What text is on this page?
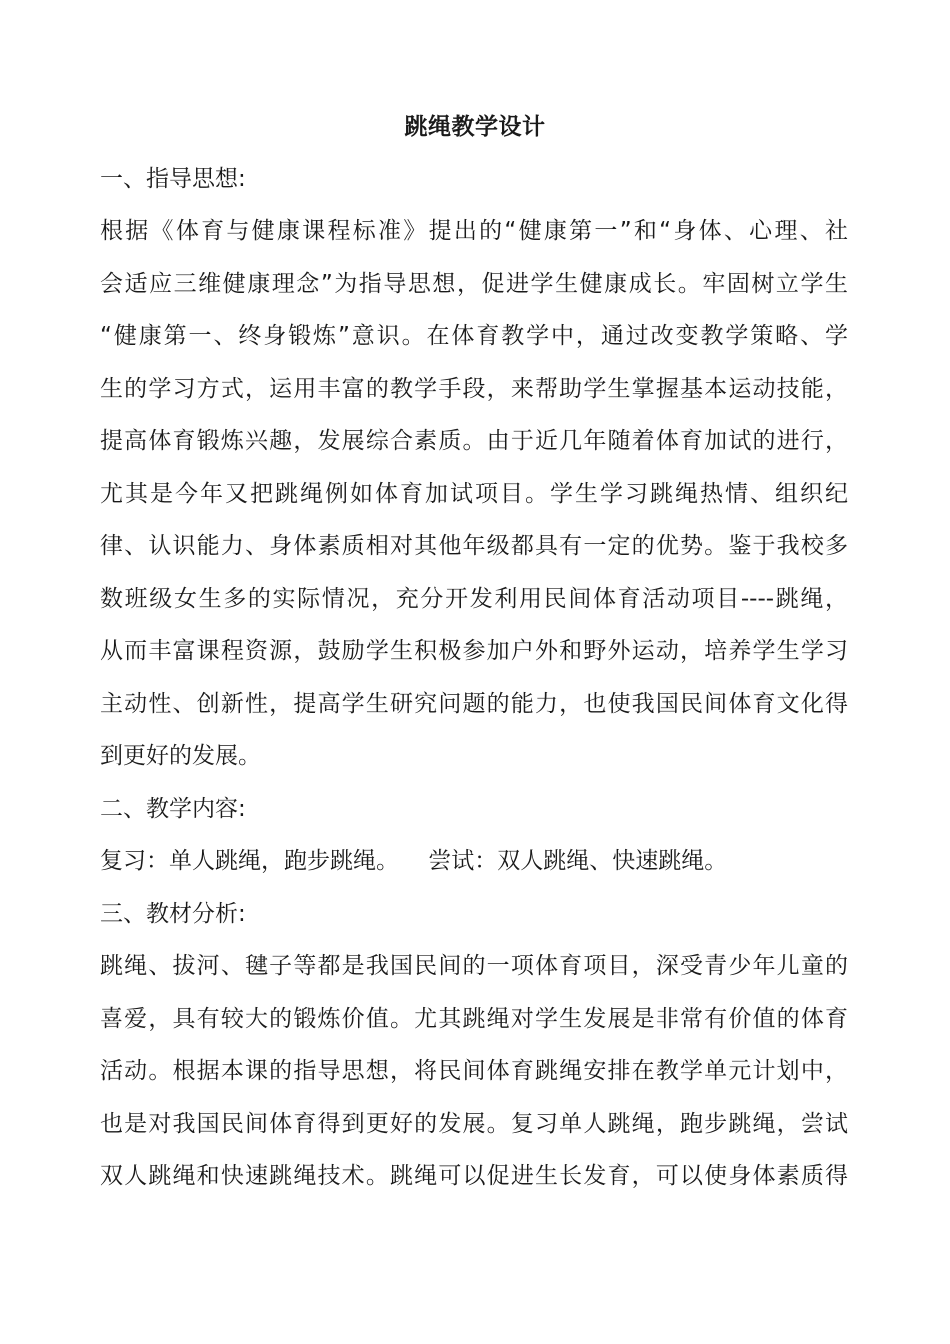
跳绳教学设计
一、指导思想:
根据《体育与健康课程标准》提出的“健康第一”和“身体、心理、社
会适应三维健康理念”为指导思想，促进学生健康成长。牢固树立学生
“健康第一、终身锻炼”意识。在体育教学中，通过改变教学策略、学
生的学习方式，运用丰富的教学手段，来帮助学生掌握基本运动技能，
提高体育锻炼兴趣，发展综合素质。由于近几年随着体育加试的进行，
尤其是今年又把跳绳例如体育加试项目。学生学习跳绳热情、组织纪
律、认识能力、身体素质相对其他年级都具有一定的优势。鉴于我校多
数班级女生多的实际情况，充分开发利用民间体育活动项目----跳绳，
从而丰富课程资源，鼓励学生积极参加户外和野外运动，培养学生学习
主动性、创新性，提高学生研究问题的能力，也使我国民间体育文化得
到更好的发展。
二、教学内容:
复习：单人跳绳，跑步跳绳。    尝试：双人跳绳、快速跳绳。
三、教材分析:
跳绳、拔河、毽子等都是我国民间的一项体育项目，深受青少年儿童的
喜爱，具有较大的锻炼价值。尤其跳绳对学生发展是非常有价值的体育
活动。根据本课的指导思想，将民间体育跳绳安排在教学单元计划中，
也是对我国民间体育得到更好的发展。复习单人跳绳，跑步跳绳，尝试
双人跳绳和快速跳绳技术。跳绳可以促进生长发育，可以使身体素质得
